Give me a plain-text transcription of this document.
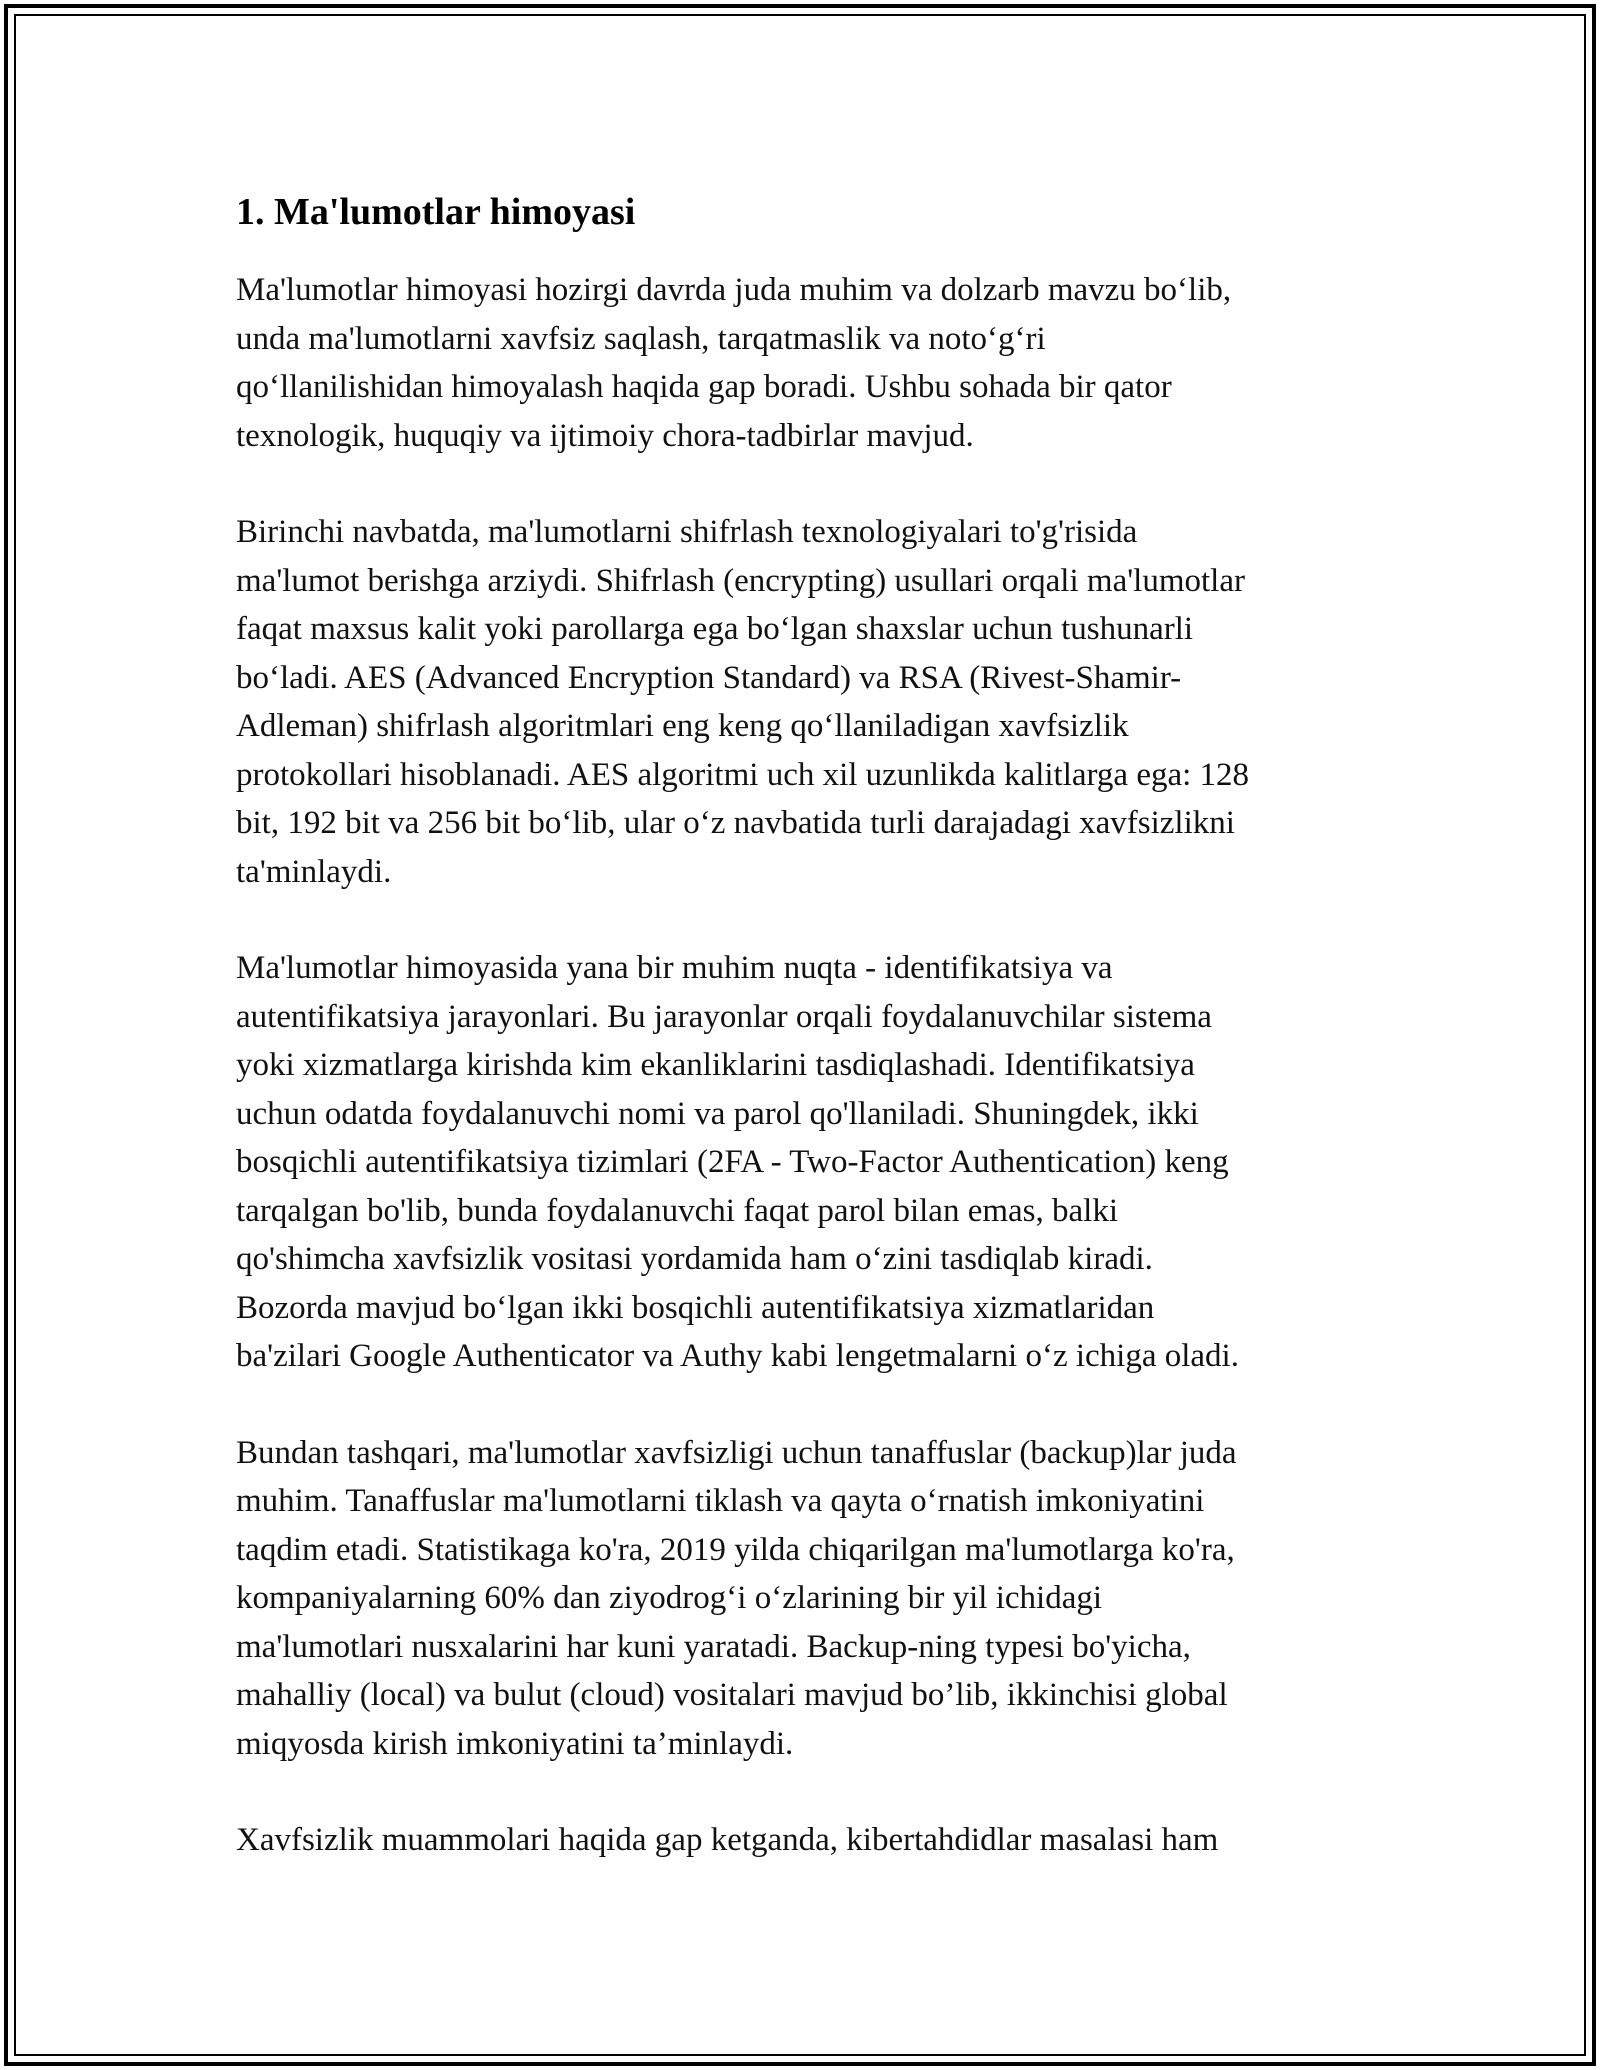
1. Ma'lumotlar himoyasi

Ma'lumotlar himoyasi hozirgi davrda juda muhim va dolzarb mavzu bo‘lib,
unda ma'lumotlarni xavfsiz saqlash, tarqatmaslik va noto‘g‘ri
qo‘llanilishidan himoyalash haqida gap boradi. Ushbu sohada bir qator
texnologik, huquqiy va ijtimoiy chora-tadbirlar mavjud.

Birinchi navbatda, ma'lumotlarni shifrlash texnologiyalari to'g'risida
ma'lumot berishga arziydi. Shifrlash (encrypting) usullari orqali ma'lumotlar
faqat maxsus kalit yoki parollarga ega bo‘lgan shaxslar uchun tushunarli
bo‘ladi. AES (Advanced Encryption Standard) va RSA (Rivest-Shamir-
Adleman) shifrlash algoritmlari eng keng qo‘llaniladigan xavfsizlik
protokollari hisoblanadi. AES algoritmi uch xil uzunlikda kalitlarga ega: 128
bit, 192 bit va 256 bit bo‘lib, ular o‘z navbatida turli darajadagi xavfsizlikni
ta'minlaydi.

Ma'lumotlar himoyasida yana bir muhim nuqta - identifikatsiya va
autentifikatsiya jarayonlari. Bu jarayonlar orqali foydalanuvchilar sistema
yoki xizmatlarga kirishda kim ekanliklarini tasdiqlashadi. Identifikatsiya
uchun odatda foydalanuvchi nomi va parol qo'llaniladi. Shuningdek, ikki
bosqichli autentifikatsiya tizimlari (2FA - Two-Factor Authentication) keng
tarqalgan bo'lib, bunda foydalanuvchi faqat parol bilan emas, balki
qo'shimcha xavfsizlik vositasi yordamida ham o‘zini tasdiqlab kiradi.
Bozorda mavjud bo‘lgan ikki bosqichli autentifikatsiya xizmatlaridan
ba'zilari Google Authenticator va Authy kabi lengetmalarni o‘z ichiga oladi.

Bundan tashqari, ma'lumotlar xavfsizligi uchun tanaffuslar (backup)lar juda
muhim. Tanaffuslar ma'lumotlarni tiklash va qayta o‘rnatish imkoniyatini
taqdim etadi. Statistikaga ko'ra, 2019 yilda chiqarilgan ma'lumotlarga ko'ra,
kompaniyalarning 60% dan ziyodrog‘i o‘zlarining bir yil ichidagi
ma'lumotlari nusxalarini har kuni yaratadi. Backup-ning typesi bo'yicha,
mahalliy (local) va bulut (cloud) vositalari mavjud bo’lib, ikkinchisi global
miqyosda kirish imkoniyatini ta’minlaydi.

Xavfsizlik muammolari haqida gap ketganda, kibertahdidlar masalasi ham
